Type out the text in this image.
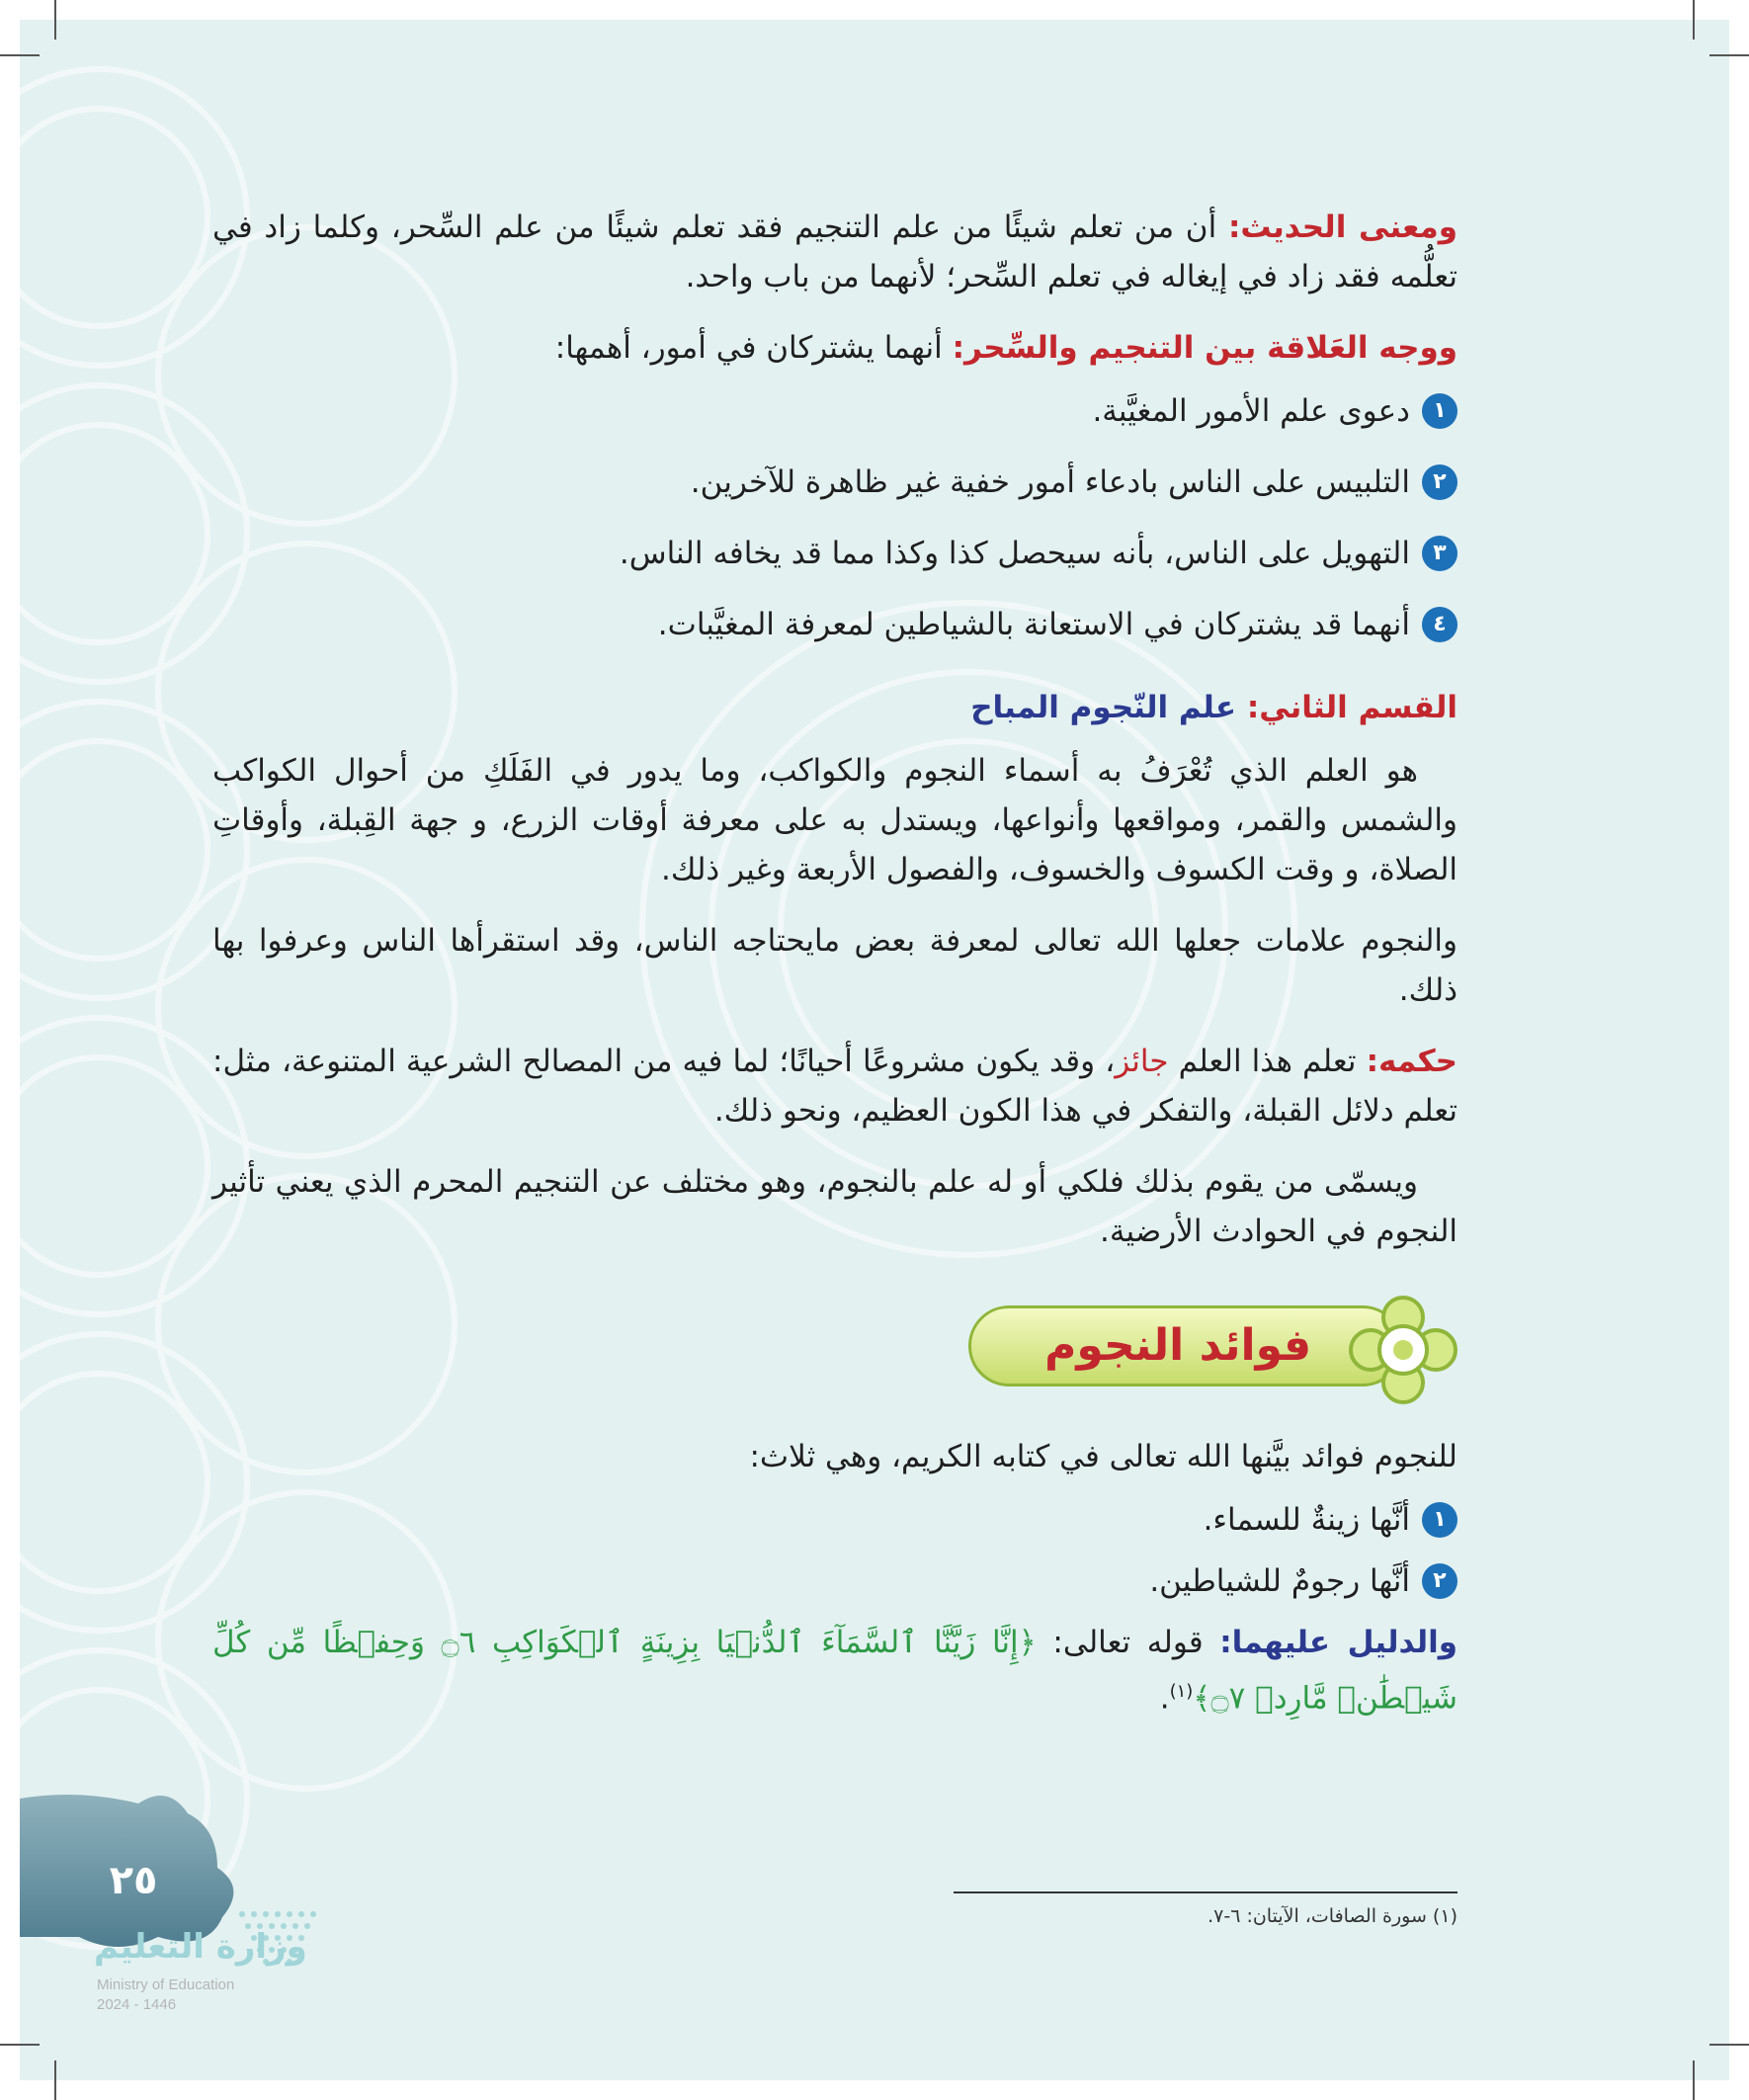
ومعنى الحديث: أن من تعلم شيئًا من علم التنجيم فقد تعلم شيئًا من علم السِّحر، وكلما زاد في تعلُّمه فقد زاد في إيغاله في تعلم السِّحر؛ لأنهما من باب واحد.

ووجه العَلاقة بين التنجيم والسِّحر: أنهما يشتركان في أمور، أهمها:

١
دعوى علم الأمور المغيَّبة.
٢
التلبيس على الناس بادعاء أمور خفية غير ظاهرة للآخرين.
٣
التهويل على الناس، بأنه سيحصل كذا وكذا مما قد يخافه الناس.
٤
أنهما قد يشتركان في الاستعانة بالشياطين لمعرفة المغيَّبات.

القسم الثاني: علم النّجوم المباح

هو العلم الذي تُعْرَفُ به أسماء النجوم والكواكب، وما يدور في الفَلَكِ من أحوال الكواكب والشمس والقمر، ومواقعها وأنواعها، ويستدل به على معرفة أوقات الزرع، و جهة القِبلة، وأوقاتِ الصلاة، و وقت الكسوف والخسوف، والفصول الأربعة وغير ذلك.

والنجوم علامات جعلها الله تعالى لمعرفة بعض مايحتاجه الناس، وقد استقرأها الناس وعرفوا بها ذلك.

حكمه: تعلم هذا العلم جائز، وقد يكون مشروعًا أحيانًا؛ لما فيه من المصالح الشرعية المتنوعة، مثل: تعلم دلائل القبلة، والتفكر في هذا الكون العظيم، ونحو ذلك.

ويسمّى من يقوم بذلك فلكي أو له علم بالنجوم، وهو مختلف عن التنجيم المحرم الذي يعني تأثير النجوم في الحوادث الأرضية.

فوائد النجوم

للنجوم فوائد بيَّنها الله تعالى في كتابه الكريم، وهي ثلاث:

١
أنَّها زينةٌ للسماء.
٢
أنَّها رجومٌ للشياطين.

والدليل عليهما: قوله تعالى: ﴿إِنَّا زَيَّنَّا ٱلسَّمَآءَ ٱلدُّنۡيَا بِزِينَةٍ ٱلۡكَوَاكِبِ ۝٦ وَحِفۡظًا مِّن كُلِّ شَيۡطَٰنٖ مَّارِدٖ ۝٧﴾$^{(١)}$.

(١) سورة الصافات، الآيتان: ٦-٧.
٢٥
وزارة التعليم
Ministry of Education
2024 - 1446
